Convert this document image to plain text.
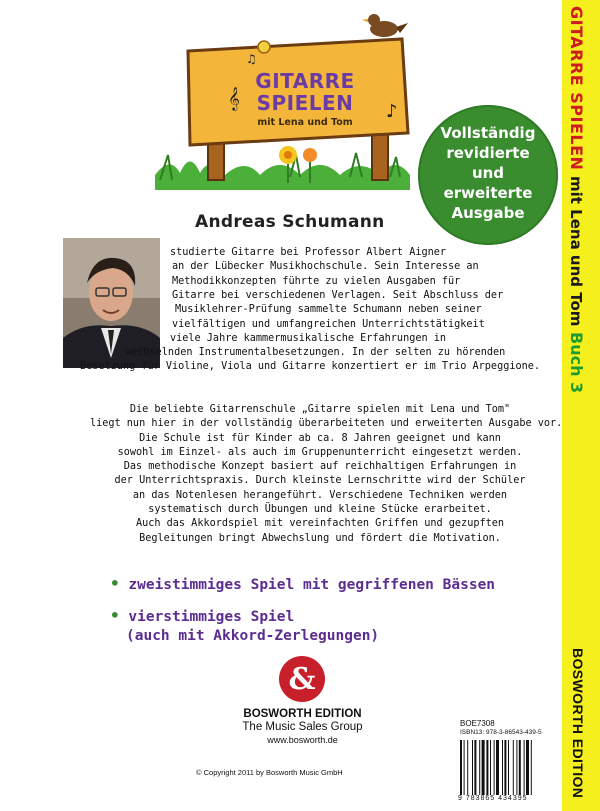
GITARRE SPIELEN mit Lena und Tom Buch 3
BOSWORTH EDITION
𝄞
♪
♫
GITARRE
SPIELEN
mit Lena und Tom
Vollständig
revidierte
und
erweiterte
Ausgabe
Andreas Schumann
studierte Gitarre bei Professor Albert Aigner
an der Lübecker Musikhochschule. Sein Interesse an
Methodikkonzepten führte zu vielen Ausgaben für
Gitarre bei verschiedenen Verlagen. Seit Abschluss der
Musiklehrer-Prüfung sammelte Schumann neben seiner
vielfältigen und umfangreichen Unterrichtstätigkeit
viele Jahre kammermusikalische Erfahrungen in
wechselnden Instrumentalbesetzungen. In der selten zu hörenden
Besetzung für Violine, Viola und Gitarre konzertiert er im Trio Arpeggione.
Die beliebte Gitarrenschule „Gitarre spielen mit Lena und Tom"
liegt nun hier in der vollständig überarbeiteten und erweiterten Ausgabe vor.
Die Schule ist für Kinder ab ca. 8 Jahren geeignet und kann
sowohl im Einzel- als auch im Gruppenunterricht eingesetzt werden.
Das methodische Konzept basiert auf reichhaltigen Erfahrungen in
der Unterrichtspraxis. Durch kleinste Lernschritte wird der Schüler
an das Notenlesen herangeführt. Verschiedene Techniken werden
systematisch durch Übungen und kleine Stücke erarbeitet.
Auch das Akkordspiel mit vereinfachten Griffen und gezupften
Begleitungen bringt Abwechslung und fördert die Motivation.
• zweistimmiges Spiel mit gegriffenen Bässen
• vierstimmiges Spiel
(auch mit Akkord-Zerlegungen)
&
BOSWORTH EDITION
The Music Sales Group
www.bosworth.de
© Copyright 2011 by Bosworth Music GmbH
BOE7308
ISBN13: 978-3-86543-439-5
9 783865 434395
